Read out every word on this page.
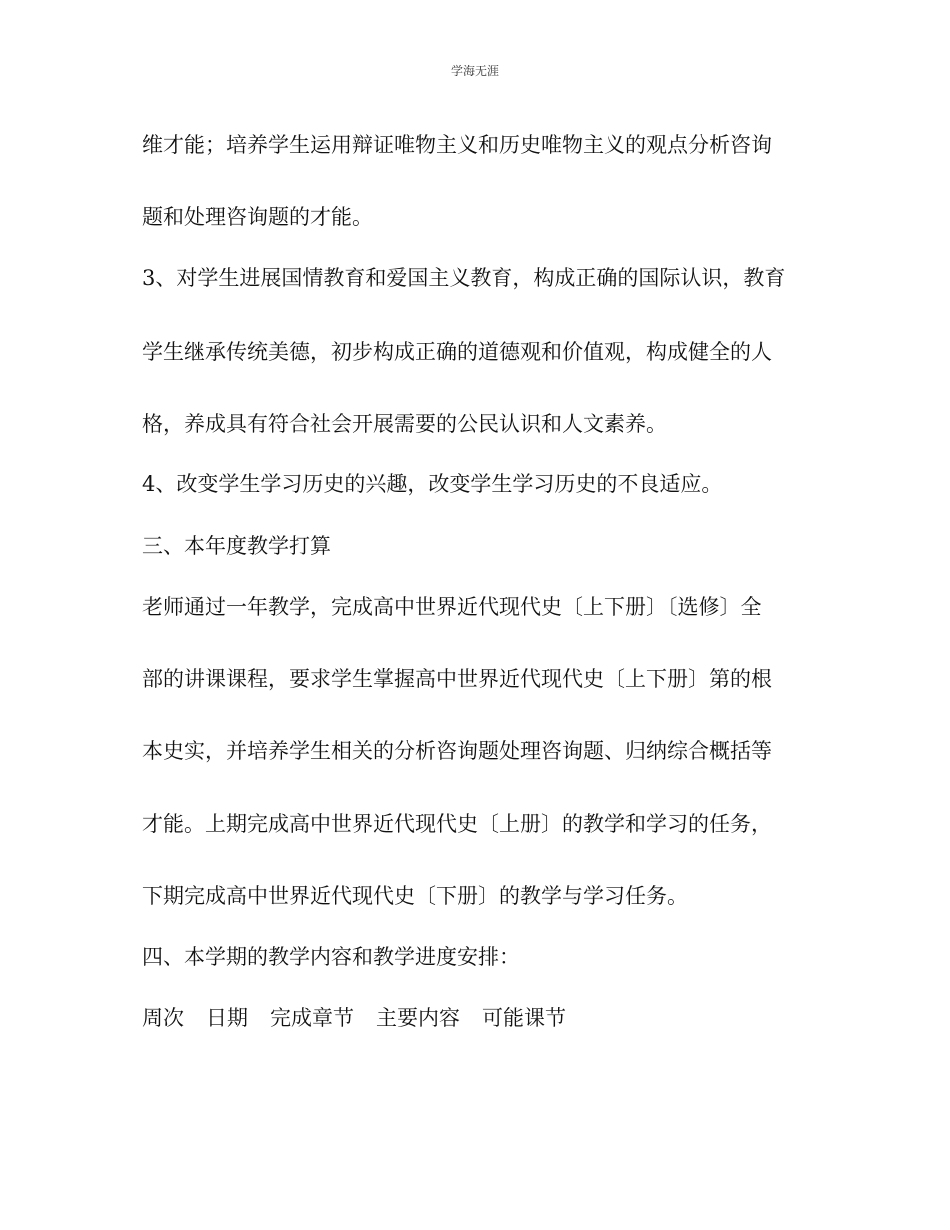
学海无涯
维才能；培养学生运用辩证唯物主义和历史唯物主义的观点分析咨询
题和处理咨询题的才能。
3、对学生进展国情教育和爱国主义教育，构成正确的国际认识，教育
学生继承传统美德，初步构成正确的道德观和价值观，构成健全的人
格，养成具有符合社会开展需要的公民认识和人文素养。
4、改变学生学习历史的兴趣，改变学生学习历史的不良适应。
三、本年度教学打算
老师通过一年教学，完成高中世界近代现代史〔上下册〕〔选修〕全
部的讲课课程，要求学生掌握高中世界近代现代史〔上下册〕第的根
本史实，并培养学生相关的分析咨询题处理咨询题、归纳综合概括等
才能。上期完成高中世界近代现代史〔上册〕的教学和学习的任务，
下期完成高中世界近代现代史〔下册〕的教学与学习任务。
四、本学期的教学内容和教学进度安排：
周次 日期 完成章节 主要内容 可能课节
